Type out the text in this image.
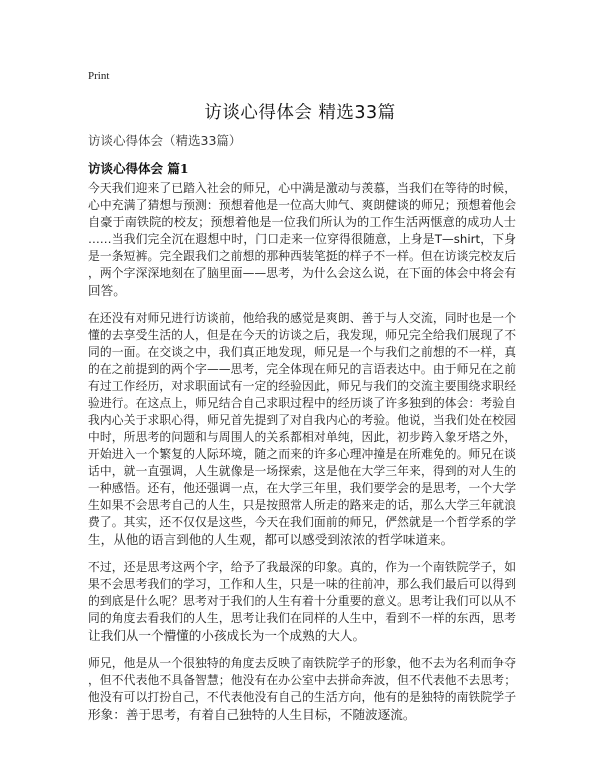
Print
访谈心得体会 精选33篇
访谈心得体会（精选33篇）
访谈心得体会 篇1

今天我们迎来了已踏入社会的师兄，心中满是激动与羡慕，当我们在等待的时候，
心中充满了猜想与预测：预想着他是一位高大帅气、爽朗健谈的师兄；预想着他会
自豪于南铁院的校友；预想着他是一位我们所认为的工作生活两惬意的成功人士
……当我们完全沉在遐想中时，门口走来一位穿得很随意，上身是T—shirt，下身
是一条短裤。完全跟我们之前想的那种西装笔挺的样子不一样。但在访谈完校友后
，两个字深深地刻在了脑里面——思考，为什么会这么说，在下面的体会中将会有
回答。

在还没有对师兄进行访谈前，他给我的感觉是爽朗、善于与人交流，同时也是一个
懂的去享受生活的人，但是在今天的访谈之后，我发现，师兄完全给我们展现了不
同的一面。在交谈之中，我们真正地发现，师兄是一个与我们之前想的不一样，真
的在之前提到的两个字——思考，完全体现在师兄的言语表达中。由于师兄在之前
有过工作经历，对求职面试有一定的经验因此，师兄与我们的交流主要围绕求职经
验进行。在这点上，师兄结合自己求职过程中的经历谈了许多独到的体会：考验自
我内心关于求职心得，师兄首先提到了对自我内心的考验。他说，当我们处在校园
中时，所思考的问题和与周围人的关系都相对单纯，因此，初步跨入象牙塔之外，
开始进入一个繁复的人际环境，随之而来的许多心理冲撞是在所难免的。师兄在谈
话中，就一直强调，人生就像是一场探索，这是他在大学三年来，得到的对人生的
一种感悟。还有，他还强调一点，在大学三年里，我们要学会的是思考，一个大学
生如果不会思考自己的人生，只是按照常人所走的路来走的话，那么大学三年就浪
费了。其实，还不仅仅是这些，今天在我们面前的师兄，俨然就是一个哲学系的学
生，从他的语言到他的人生观，都可以感受到浓浓的哲学味道来。

不过，还是思考这两个字，给予了我最深的印象。真的，作为一个南铁院学子，如
果不会思考我们的学习，工作和人生，只是一味的往前冲，那么我们最后可以得到
的到底是什么呢？思考对于我们的人生有着十分重要的意义。思考让我们可以从不
同的角度去看我们的人生，思考让我们在同样的人生中，看到不一样的东西，思考
让我们从一个懵懂的小孩成长为一个成熟的大人。

师兄，他是从一个很独特的角度去反映了南铁院学子的形象，他不去为名利而争夺
，但不代表他不具备智慧；他没有在办公室中去拼命奔波，但不代表他不去思考；
他没有可以打扮自己，不代表他没有自己的生活方向，他有的是独特的南铁院学子
形象：善于思考，有着自己独特的人生目标，不随波逐流。
